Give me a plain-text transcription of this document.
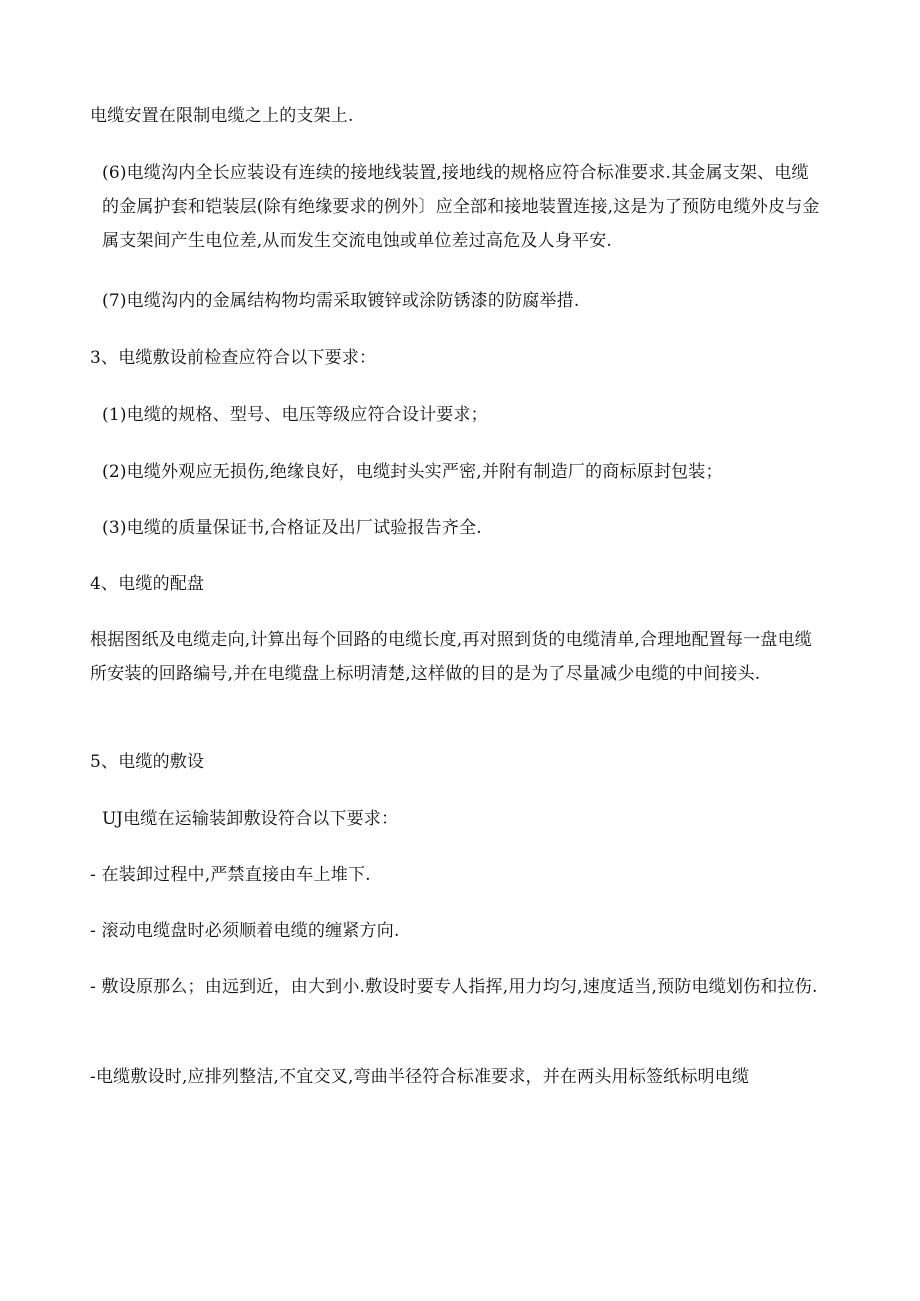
电缆安置在限制电缆之上的支架上.

(6)电缆沟内全长应装设有连续的接地线装置,接地线的规格应符合标准要求.其金属支架、电缆的金属护套和铠装层(除有绝缘要求的例外〕应全部和接地装置连接,这是为了预防电缆外皮与金属支架间产生电位差,从而发生交流电蚀或单位差过高危及人身平安.

(7)电缆沟内的金属结构物均需采取镀锌或涂防锈漆的防腐举措.

3、电缆敷设前检查应符合以下要求：

(1)电缆的规格、型号、电压等级应符合设计要求；

(2)电缆外观应无损伤,绝缘良好，电缆封头实严密,并附有制造厂的商标原封包装；

(3)电缆的质量保证书,合格证及出厂试验报告齐全.

4、电缆的配盘

根据图纸及电缆走向,计算出每个回路的电缆长度,再对照到货的电缆清单,合理地配置每一盘电缆所安装的回路编号,并在电缆盘上标明清楚,这样做的目的是为了尽量减少电缆的中间接头.

5、电缆的敷设

UJ电缆在运输装卸敷设符合以下要求：

- 在装卸过程中,严禁直接由车上堆下.

- 滚动电缆盘时必须顺着电缆的缠紧方向.

- 敷设原那么；由远到近，由大到小.敷设时要专人指挥,用力均匀,速度适当,预防电缆划伤和拉伤.

-电缆敷设时,应排列整洁,不宜交叉,弯曲半径符合标准要求，并在两头用标签纸标明电缆
